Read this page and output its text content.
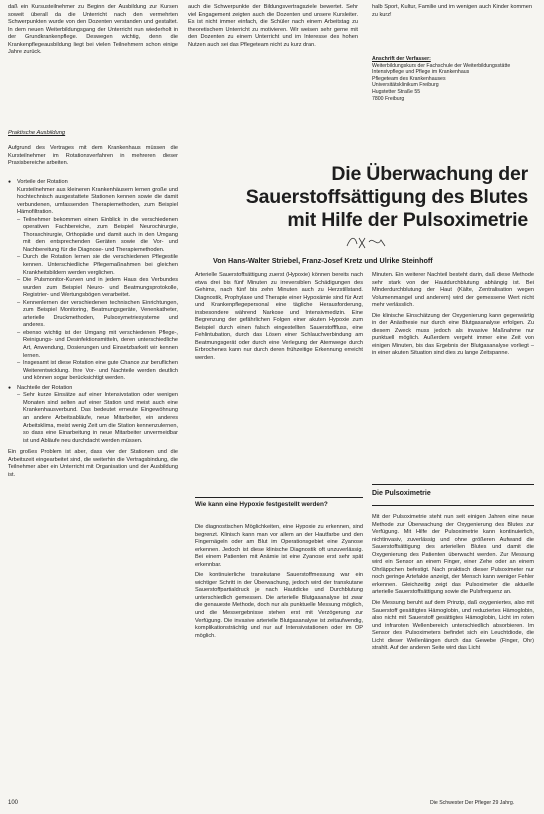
daß ein Kursusteilnehmer zu Beginn der Ausbildung zur Kursen soweit überall da die Unterricht nach den vermehrten Schwerpunkten wurde von den Dozenten verstanden und gestaltet. In dem neuen Weiterbildungsgang der Unterricht nun wiederholt in der Grundkrankenpflege. Deswegen wichtig, denn die Krankenpflegeausbildung liegt bei vielen Teilnehmern schon einige Jahre zurück.

Praktische Ausbildung

Aufgrund des Vertrages mit dem Krankenhaus müssen die Kursteilnehmer im Rotationsverfahren in mehreren dieser Praxisbereiche arbeiten.

● Vorteile der Rotation
Kursteilnehmer aus kleineren Krankenhäusern lernen große und hochtechnisch ausgestattete Stationen kennen sowie die damit verbundenen, umfassenden Therapiemethoden, zum Beispiel Hämofiltration.
– Teilnehmer bekommen einen Einblick in die verschiedenen operativen Fachbereiche, zum Beispiel Neurochirurgie, Thoraxchirurgie, Orthopädie und damit auch in den Umgang mit den entsprechenden Geräten sowie die Vor- und Nachbereitung für die Diagnose- und Therapiemethoden.
– Durch die Rotation lernen sie die verschiedenen Pflegestile kennen. Unterschiedliche Pflegemaßnahmen bei gleichen Krankheitsbildern werden verglichen.
– Die Pulsmonitor-Kurven und in jedem Haus des Verbundes wurden zum Beispiel Neuro- und Beatmungsprotokolle, Registrier- und Wertungsbögen verarbeitet.
– Kennenlernen der verschiedenen technischen Einrichtungen, zum Beispiel Monitoring, Beatmungsgeräte, Venenkatheter, arterielle Druckmethoden, Pulsoxymetriesysteme und anderes.
– ebenso wichtig ist der Umgang mit verschiedenen Pflege-, Reinigungs- und Desinfektionsmitteln, deren unterschiedliche Art, Anwendung, Dosierungen und Einsetzbarkeit wir kennen lernen.
– Insgesamt ist diese Rotation eine gute Chance zur beruflichen Weiterentwicklung. Ihre Vor- und Nachteile werden deutlich und können sogar berücksichtigt werden.
● Nachteile der Rotation
– Sehr kurze Einsätze auf einer Intensivstation oder wenigen Monaten sind selten auf einer Station und meist auch eine Krankenhausverbund. Das bedeutet erneute Eingewöhnung an andere Arbeitsabläufe, neue Mitarbeiter, ein anderes Arbeitsklima, meist wenig Zeit um die Station kennenzulernen, so dass eine Einarbeitung in neue Mitarbeiter unvermeidbar ist und Abläufe neu durchdacht werden müssen.

Ein großes Problem ist aber, dass vier der Stationen und die Arbeitszeit eingearbeitet sind, die weiterhin die Vertragsbindung, die Teilnehmer aber ein Unterricht mit Organisation und der Ausbildung ist.

auch die Schwerpunkte der Bildungsvertragsziele bewertet. Sehr viel Engagement zeigten auch die Dozenten und unsere Kursleiter. Es ist nicht immer einfach, die Schüler nach einem Arbeitstag zu theoretischem Unterricht zu motivieren. Wir weisen sehr gerne mit den Dozenten zu einem Unterricht und im Interesse des hohen Nutzen auch sei das Pflegeteam nicht zu kurz dran.

halb Sport, Kultur, Familie und im wenigen auch Kinder kommen zu kurz!

Anschrift der Verfasser:
Weiterbildungskurs der Fachschule der Weiterbildungsstätte Intensivpflege und Pflege im Krankenhaus
Pflegeteam des Krankenhauses
Universitätsklinikum Freiburg
Hugstetter Straße 55
7800 Freiburg
Die Überwachung der
Sauerstoffsättigung des Blutes
mit Hilfe der Pulsoximetrie
Von Hans-Walter Striebel, Franz-Josef Kretz und Ulrike Steinhoff

Arterielle Sauerstoffsättigung zuerst (Hypoxie) können bereits nach etwa drei bis fünf Minuten zu irreversiblen Schädigungen des Gehirns, nach fünf bis zehn Minuten auch zu Herzstillstand. Diagnostik, Prophylaxe und Therapie einer Hypoxämie sind für Arzt und Krankenpflegepersonal eine tägliche Herausforderung, insbesondere während Narkose und Intensivmedizin. Eine Begrenzung der gefährlichen Folgen einer akuten Hypoxie zum Beispiel durch einen falsch eingestellten Sauerstofffluss, eine Fehlintubation, durch das Lösen einer Schlauchverbindung am Beatmungsgerät oder durch eine Verlegung der Atemwege durch Erbrochenes kann nur durch deren frühzeitige Erkennung erreicht werden.

Wie kann eine Hypoxie festgestellt werden?

Die diagnostischen Möglichkeiten, eine Hypoxie zu erkennen, sind begrenzt. Klinisch kann man vor allem an der Hautfarbe und den Fingernägeln oder am Blut im Operationsgebiet eine Zyanose erkennen. Jedoch ist diese klinische Diagnostik oft unzuverlässig. Bei einem Patienten mit Anämie ist eine Zyanose erst sehr spät erkennbar.

Die kontinuierliche transkutane Sauerstoffmessung war ein wichtiger Schritt in der Überwachung, jedoch wird der transkutane Sauerstoffpartialdruck je nach Hautdicke und Durchblutung unterschiedlich gemessen. Die arterielle Blutgasanalyse ist zwar die genaueste Methode, doch nur als punktuelle Messung möglich, und die Messergebnisse stehen erst mit Verzögerung zur Verfügung. Die invasive arterielle Blutgasanalyse ist zeitaufwendig, komplikationsträchtig und nur auf Intensivstationen oder im OP möglich.

Minuten. Ein weiterer Nachteil besteht darin, daß diese Methode sehr stark von der Hautdurchblutung abhängig ist. Bei Minderdurchblutung der Haut (Kälte, Zentralisation wegen Volumenmangel und anderem) wird der gemessene Wert nicht mehr verlässlich.

Die klinische Einschätzung der Oxygenierung kann gegenwärtig in der Anästhesie nur durch eine Blutgasanalyse erfolgen. Zu diesem Zweck muss jedoch als invasive Maßnahme nur punktuell möglich. Außerdem vergeht immer eine Zeit von einigen Minuten, bis das Ergebnis der Blutgasanalyse vorliegt – in einer akuten Situation sind dies zu lange Zeitspanne.

Die Pulsoximetrie

Mit der Pulsoximetrie steht nun seit einigen Jahren eine neue Methode zur Überwachung der Oxygenierung des Blutes zur Verfügung. Mit Hilfe der Pulsoximetrie kann kontinuierlich, nichtinvasiv, zuverlässig und ohne größeren Aufwand die Sauerstoffsättigung des arteriellen Blutes und damit die Oxygenierung des Patienten überwacht werden. Zur Messung wird ein Sensor an einem Finger, einer Zehe oder an einem Ohrläppchen befestigt. Nach praktisch dieser Pulsoximeter nur noch geringe Artefakte anzeigt, der Mensch kann weniger Fehler erkennen. Gleichzeitig zeigt das Pulsoximeter die aktuelle arterielle Sauerstoffsättigung sowie die Pulsfrequenz an.

Die Messung beruht auf dem Prinzip, daß oxygeniertes, also mit Sauerstoff gesättigtes Hämoglobin, und reduziertes Hämoglobin, also nicht mit Sauerstoff gesättigtes Hämoglobin, Licht im roten und infraroten Wellenbereich unterschiedlich absorbieren. Im Sensor des Pulsoximeters befindet sich ein Leuchtdiode, die Licht dieser Wellenlängen durch das Gewebe (Finger, Ohr) strahlt. Auf der anderen Seite wird das Licht

100	Die Schwester Der Pfleger 29 Jahrg.
